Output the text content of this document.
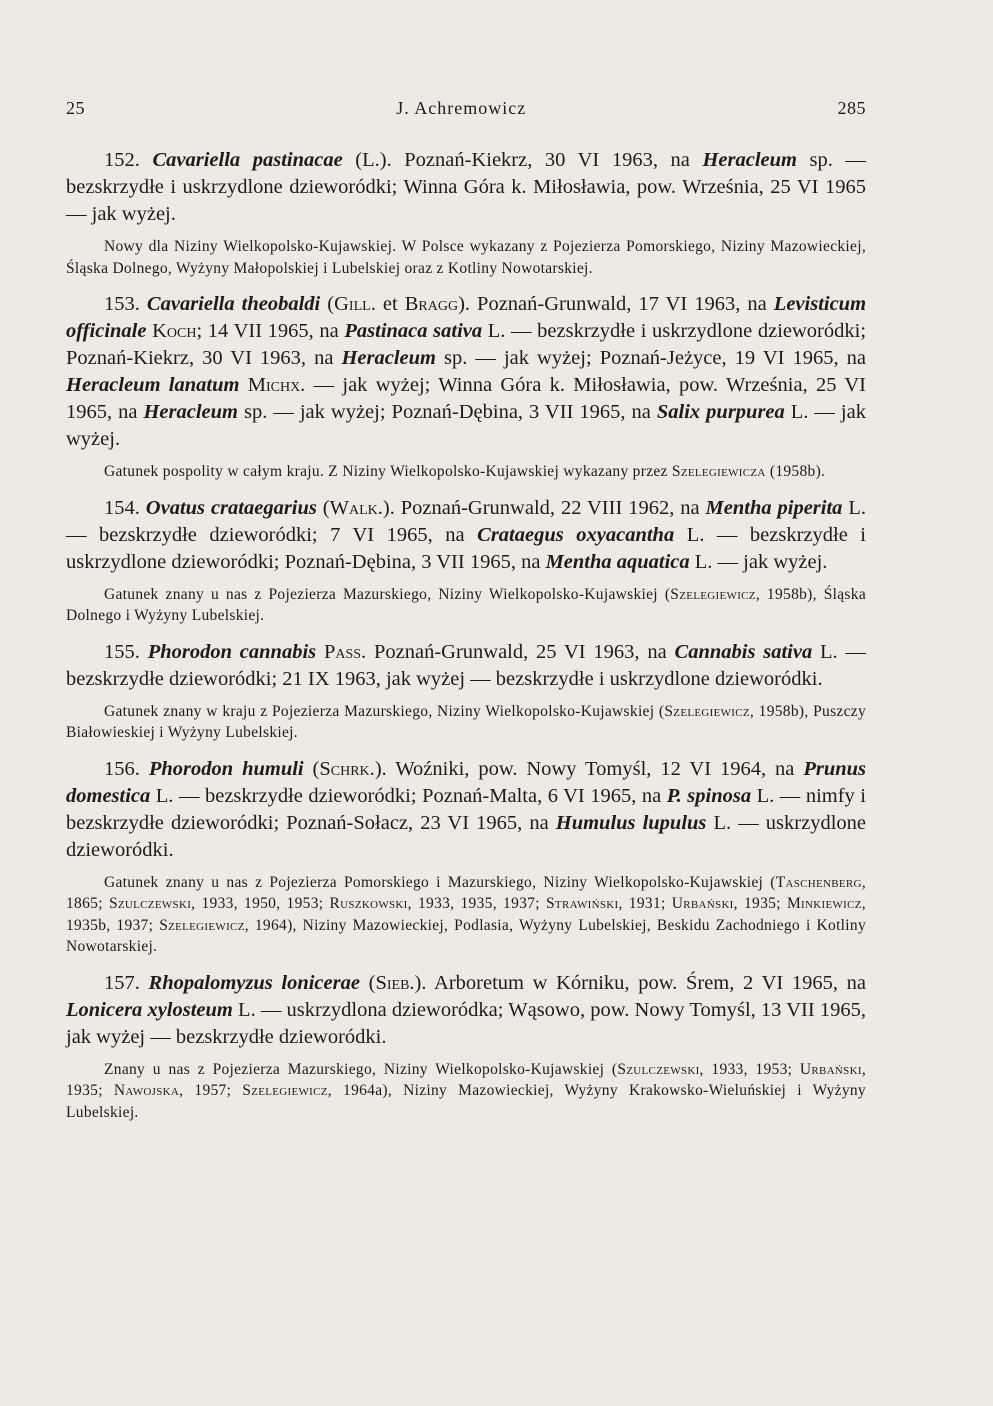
25	J. Achremowicz	285

152. Cavariella pastinacae (L.). Poznań-Kiekrz, 30 VI 1963, na Heracleum sp. — bezskrzydłe i uskrzydlone dzieworódki; Winna Góra k. Miłosławia, pow. Września, 25 VI 1965 — jak wyżej.

Nowy dla Niziny Wielkopolsko-Kujawskiej. W Polsce wykazany z Pojezierza Pomorskiego, Niziny Mazowieckiej, Śląska Dolnego, Wyżyny Małopolskiej i Lubelskiej oraz z Kotliny Nowotarskiej.

153. Cavariella theobaldi (Gill. et Bragg). Poznań-Grunwald, 17 VI 1963, na Levisticum officinale Koch; 14 VII 1965, na Pastinaca sativa L. — bezskrzydłe i uskrzydlone dzieworódki; Poznań-Kiekrz, 30 VI 1963, na Heracleum sp. — jak wyżej; Poznań-Jeżyce, 19 VI 1965, na Heracleum lanatum Michx. — jak wyżej; Winna Góra k. Miłosławia, pow. Września, 25 VI 1965, na Heracleum sp. — jak wyżej; Poznań-Dębina, 3 VII 1965, na Salix purpurea L. — jak wyżej.

Gatunek pospolity w całym kraju. Z Niziny Wielkopolsko-Kujawskiej wykazany przez Szelegiewicza (1958b).

154. Ovatus crataegarius (Walk.). Poznań-Grunwald, 22 VIII 1962, na Mentha piperita L. — bezskrzydłe dzieworódki; 7 VI 1965, na Crataegus oxyacantha L. — bezskrzydłe i uskrzydlone dzieworódki; Poznań-Dębina, 3 VII 1965, na Mentha aquatica L. — jak wyżej.

Gatunek znany u nas z Pojezierza Mazurskiego, Niziny Wielkopolsko-Kujawskiej (Szelegiewicz, 1958b), Śląska Dolnego i Wyżyny Lubelskiej.

155. Phorodon cannabis Pass. Poznań-Grunwald, 25 VI 1963, na Cannabis sativa L. — bezskrzydłe dzieworódki; 21 IX 1963, jak wyżej — bezskrzydłe i uskrzydlone dzieworódki.

Gatunek znany w kraju z Pojezierza Mazurskiego, Niziny Wielkopolsko-Kujawskiej (Szelegiewicz, 1958b), Puszczy Białowieskiej i Wyżyny Lubelskiej.

156. Phorodon humuli (Schrk.). Woźniki, pow. Nowy Tomyśl, 12 VI 1964, na Prunus domestica L. — bezskrzydłe dzieworódki; Poznań-Malta, 6 VI 1965, na P. spinosa L. — nimfy i bezskrzydłe dzieworódki; Poznań-Sołacz, 23 VI 1965, na Humulus lupulus L. — uskrzydlone dzieworódki.

Gatunek znany u nas z Pojezierza Pomorskiego i Mazurskiego, Niziny Wielkopolsko-Kujawskiej (Taschenberg, 1865; Szulczewski, 1933, 1950, 1953; Ruszkowski, 1933, 1935, 1937; Strawiński, 1931; Urbański, 1935; Minkiewicz, 1935b, 1937; Szelegiewicz, 1964), Niziny Mazowieckiej, Podlasia, Wyżyny Lubelskiej, Beskidu Zachodniego i Kotliny Nowotarskiej.

157. Rhopalomyzus lonicerae (Sieb.). Arboretum w Kórniku, pow. Śrem, 2 VI 1965, na Lonicera xylosteum L. — uskrzydlona dzieworódka; Wąsowo, pow. Nowy Tomyśl, 13 VII 1965, jak wyżej — bezskrzydłe dzieworódki.

Znany u nas z Pojezierza Mazurskiego, Niziny Wielkopolsko-Kujawskiej (Szulczewski, 1933, 1953; Urbański, 1935; Nawojska, 1957; Szelegiewicz, 1964a), Niziny Mazowieckiej, Wyżyny Krakowsko-Wieluńskiej i Wyżyny Lubelskiej.
